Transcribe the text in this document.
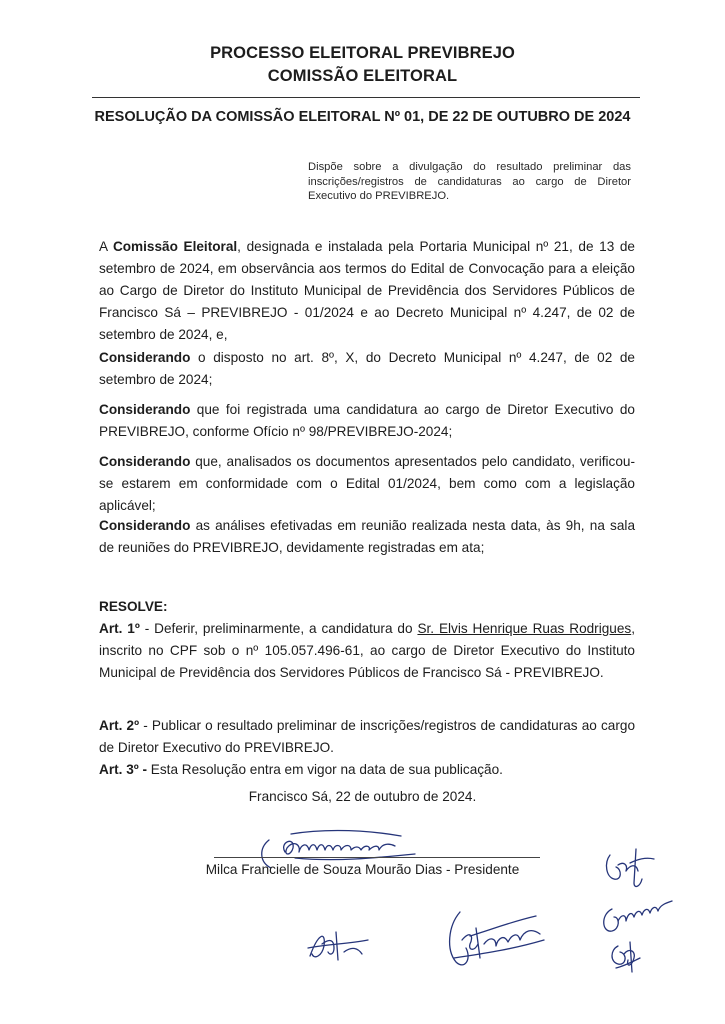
PROCESSO ELEITORAL PREVIBREJO
COMISSÃO ELEITORAL
RESOLUÇÃO DA COMISSÃO ELEITORAL Nº 01, DE 22 DE OUTUBRO DE 2024
Dispõe sobre a divulgação do resultado preliminar das inscrições/registros de candidaturas ao cargo de Diretor Executivo do PREVIBREJO.
A Comissão Eleitoral, designada e instalada pela Portaria Municipal nº 21, de 13 de setembro de 2024, em observância aos termos do Edital de Convocação para a eleição ao Cargo de Diretor do Instituto Municipal de Previdência dos Servidores Públicos de Francisco Sá – PREVIBREJO - 01/2024 e ao Decreto Municipal nº 4.247, de 02 de setembro de 2024, e,
Considerando o disposto no art. 8º, X, do Decreto Municipal nº 4.247, de 02 de setembro de 2024;
Considerando que foi registrada uma candidatura ao cargo de Diretor Executivo do PREVIBREJO, conforme Ofício nº 98/PREVIBREJO-2024;
Considerando que, analisados os documentos apresentados pelo candidato, verificou-se estarem em conformidade com o Edital 01/2024, bem como com a legislação aplicável;
Considerando as análises efetivadas em reunião realizada nesta data, às 9h, na sala de reuniões do PREVIBREJO, devidamente registradas em ata;
RESOLVE:
Art. 1º - Deferir, preliminarmente, a candidatura do Sr. Elvis Henrique Ruas Rodrigues, inscrito no CPF sob o nº 105.057.496-61, ao cargo de Diretor Executivo do Instituto Municipal de Previdência dos Servidores Públicos de Francisco Sá - PREVIBREJO.
Art. 2º - Publicar o resultado preliminar de inscrições/registros de candidaturas ao cargo de Diretor Executivo do PREVIBREJO.
Art. 3º - Esta Resolução entra em vigor na data de sua publicação.
Francisco Sá, 22 de outubro de 2024.
Milca Francielle de Souza Mourão Dias - Presidente
